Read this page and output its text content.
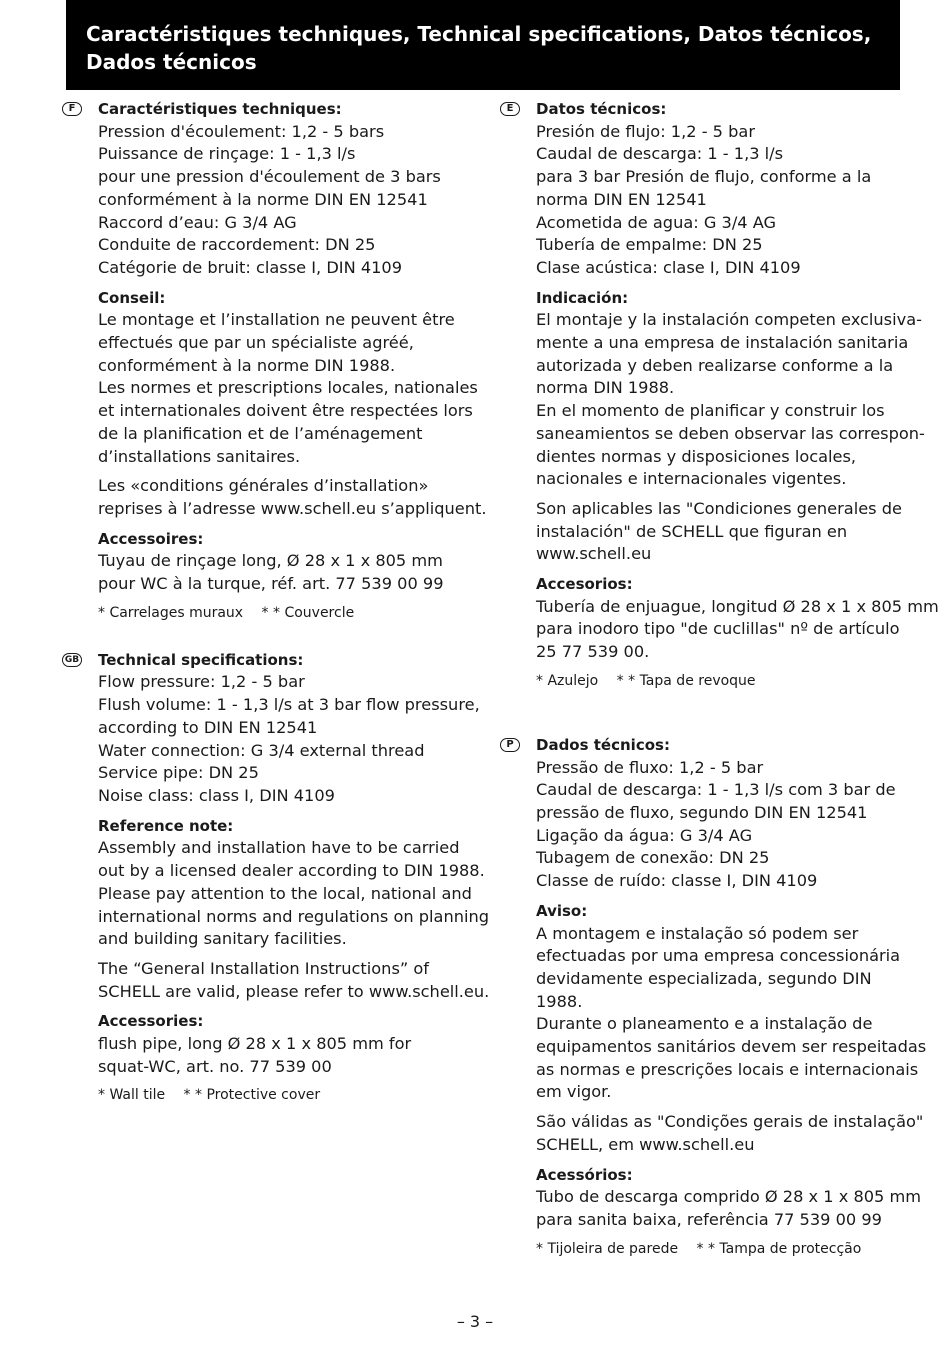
Caractéristiques techniques, Technical specifications, Datos técnicos,
Dados técnicos
F	Caractéristiques techniques:
Pression d'écoulement: 1,2 - 5 bars
Puissance de rinçage: 1 - 1,3 l/s
pour une pression d'écoulement de 3 bars
conformément à la norme DIN EN 12541
Raccord d’eau: G 3/4 AG
Conduite de raccordement: DN 25
Catégorie de bruit: classe I, DIN 4109
Conseil:
Le montage et l’installation ne peuvent être
effectués que par un spécialiste agréé,
conformément à la norme DIN 1988.
Les normes et prescriptions locales, nationales
et internationales doivent être respectées lors
de la planification et de l’aménagement
d’installations sanitaires.
Les «conditions générales d’installation»
reprises à l’adresse www.schell.eu s’appliquent.
Accessoires:
Tuyau de rinçage long, Ø 28 x 1 x 805 mm
pour WC à la turque, réf. art. 77 539 00 99
* Carrelages muraux * * Couvercle
GB Technical specifications:
Flow pressure: 1,2 - 5 bar
Flush volume: 1 - 1,3 l/s at 3 bar flow pressure,
according to DIN EN 12541
Water connection: G 3/4 external thread
Service pipe: DN 25
Noise class: class I, DIN 4109
Reference note:
Assembly and installation have to be carried
out by a licensed dealer according to DIN 1988.
Please pay attention to the local, national and
international norms and regulations on planning
and building sanitary facilities.
The “General Installation Instructions” of
SCHELL are valid, please refer to www.schell.eu.
Accessories:
flush pipe, long Ø 28 x 1 x 805 mm for
squat-WC, art. no. 77 539 00
* Wall tile * * Protective cover
E	Datos técnicos:
Presión de flujo: 1,2 - 5 bar
Caudal de descarga: 1 - 1,3 l/s
para 3 bar Presión de flujo, conforme a la
norma DIN EN 12541
Acometida de agua: G 3/4 AG
Tubería de empalme: DN 25
Clase acústica: clase I, DIN 4109
Indicación:
El montaje y la instalación competen exclusiva-
mente a una empresa de instalación sanitaria
autorizada y deben realizarse conforme a la
norma DIN 1988.
En el momento de planificar y construir los
saneamientos se deben observar las correspon-
dientes normas y disposiciones locales,
nacionales e internacionales vigentes.
Son aplicables las "Condiciones generales de
instalación" de SCHELL que figuran en
www.schell.eu
Accesorios:
Tubería de enjuague, longitud Ø 28 x 1 x 805 mm
para inodoro tipo "de cuclillas" nº de artículo
25 77 539 00.
* Azulejo * * Tapa de revoque
P	Dados técnicos:
Pressão de fluxo: 1,2 - 5 bar
Caudal de descarga: 1 - 1,3 l/s com 3 bar de
pressão de fluxo, segundo DIN EN 12541
Ligação da água: G 3/4 AG
Tubagem de conexão: DN 25
Classe de ruído: classe I, DIN 4109
Aviso:
A montagem e instalação só podem ser
efectuadas por uma empresa concessionária
devidamente especializada, segundo DIN
1988.
Durante o planeamento e a instalação de
equipamentos sanitários devem ser respeitadas
as normas e prescrições locais e internacionais
em vigor.
São válidas as "Condições gerais de instalação"
SCHELL, em www.schell.eu
Acessórios:
Tubo de descarga comprido Ø 28 x 1 x 805 mm
para sanita baixa, referência 77 539 00 99
* Tijoleira de parede * * Tampa de protecção
– 3 –
